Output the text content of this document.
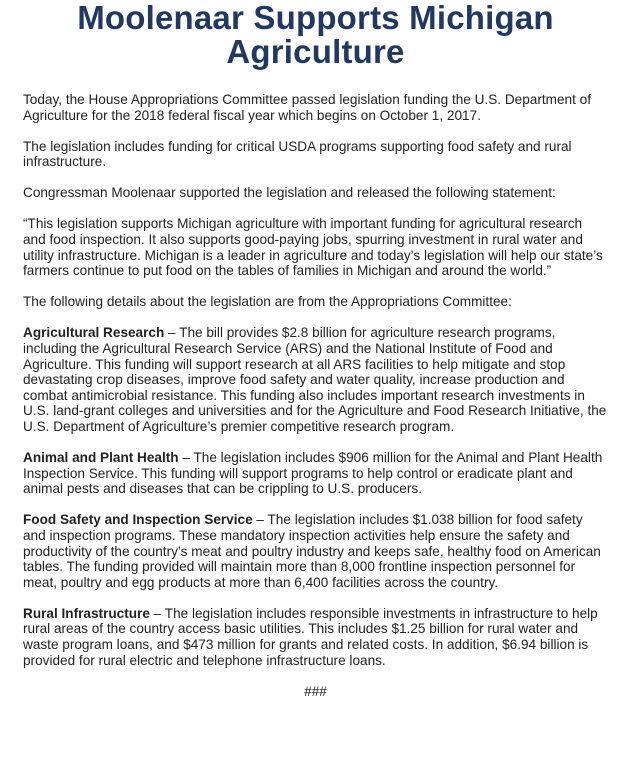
Moolenaar Supports Michigan Agriculture

Today, the House Appropriations Committee passed legislation funding the U.S. Department of Agriculture for the 2018 federal fiscal year which begins on October 1, 2017.

The legislation includes funding for critical USDA programs supporting food safety and rural infrastructure.

Congressman Moolenaar supported the legislation and released the following statement:

“This legislation supports Michigan agriculture with important funding for agricultural research and food inspection. It also supports good-paying jobs, spurring investment in rural water and utility infrastructure. Michigan is a leader in agriculture and today’s legislation will help our state’s farmers continue to put food on the tables of families in Michigan and around the world.”

The following details about the legislation are from the Appropriations Committee:

Agricultural Research – The bill provides $2.8 billion for agriculture research programs, including the Agricultural Research Service (ARS) and the National Institute of Food and Agriculture. This funding will support research at all ARS facilities to help mitigate and stop devastating crop diseases, improve food safety and water quality, increase production and combat antimicrobial resistance. This funding also includes important research investments in U.S. land-grant colleges and universities and for the Agriculture and Food Research Initiative, the U.S. Department of Agriculture’s premier competitive research program.

Animal and Plant Health – The legislation includes $906 million for the Animal and Plant Health Inspection Service. This funding will support programs to help control or eradicate plant and animal pests and diseases that can be crippling to U.S. producers.

Food Safety and Inspection Service – The legislation includes $1.038 billion for food safety and inspection programs. These mandatory inspection activities help ensure the safety and productivity of the country’s meat and poultry industry and keeps safe, healthy food on American tables. The funding provided will maintain more than 8,000 frontline inspection personnel for meat, poultry and egg products at more than 6,400 facilities across the country.

Rural Infrastructure – The legislation includes responsible investments in infrastructure to help rural areas of the country access basic utilities. This includes $1.25 billion for rural water and waste program loans, and $473 million for grants and related costs. In addition, $6.94 billion is provided for rural electric and telephone infrastructure loans.

###
